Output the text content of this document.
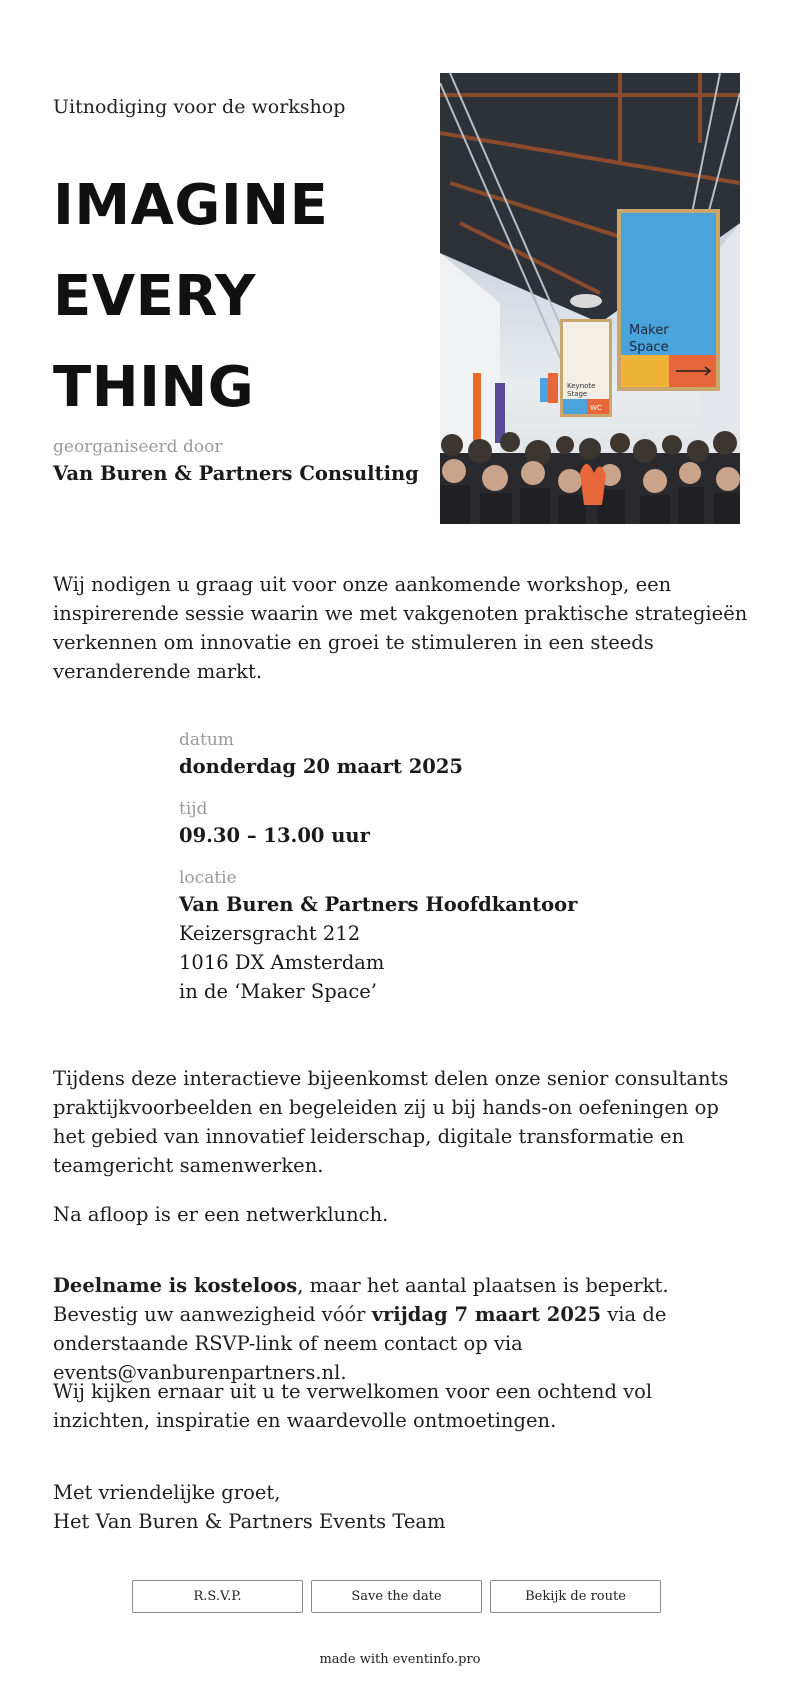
Uitnodiging voor de workshop
IMAGINE
EVERY
THING
georganiseerd door
Van Buren & Partners Consulting
Maker
Space
Keynote
Stage
WC

Wij nodigen u graag uit voor onze aankomende workshop, een inspirerende sessie waarin we met vakgenoten praktische strategieën verkennen om innovatie en groei te stimuleren in een steeds veranderende markt.

datum
donderdag 20 maart 2025
tijd
09.30 – 13.00 uur
locatie
Van Buren & Partners Hoofdkantoor
Keizersgracht 212
1016 DX Amsterdam
in de ‘Maker Space’

Tijdens deze interactieve bijeenkomst delen onze senior consultants praktijkvoorbeelden en begeleiden zij u bij hands-on oefeningen op het gebied van innovatief leiderschap, digitale transformatie en teamgericht samenwerken.

Na afloop is er een netwerklunch.

Deelname is kosteloos, maar het aantal plaatsen is beperkt. Bevestig uw aanwezigheid vóór vrijdag 7 maart 2025 via de onderstaande RSVP-link of neem contact op via events@vanburenpartners.nl.

Wij kijken ernaar uit u te verwelkomen voor een ochtend vol inzichten, inspiratie en waardevolle ontmoetingen.

Met vriendelijke groet,
Het Van Buren & Partners Events Team
R.S.V.P.	Save the date	Bekijk de route
made with eventinfo.pro
